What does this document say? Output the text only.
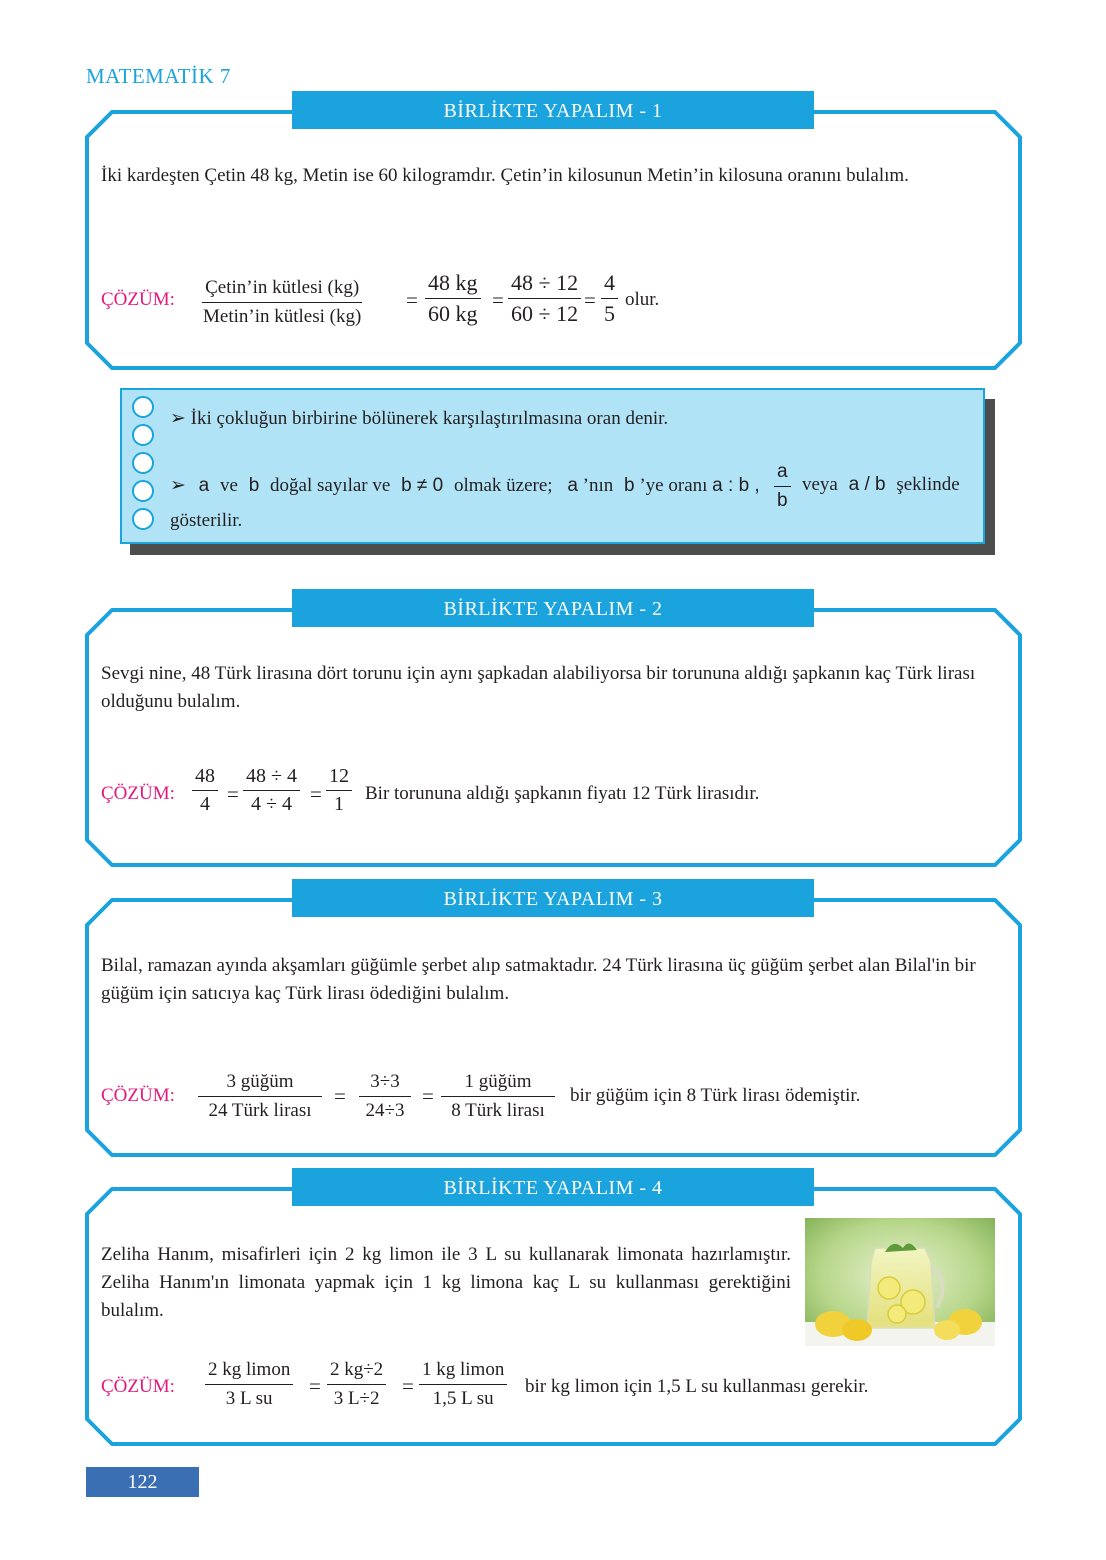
MATEMATİK 7
BİRLİKTE YAPALIM - 1
İki kardeşten Çetin 48 kg, Metin ise 60 kilogramdır. Çetin’in kilosunun Metin’in kilosuna oranını bulalım.
ÇÖZÜM:
Çetin’in kütlesi (kg)
Metin’in kütlesi (kg)
= $\frac{48 kg}{60 kg} = \frac{48 \div 12}{60 \div 12} = \frac{4}{5}$ olur.
➢ İki çokluğun birbirine bölünerek karşılaştırılmasına oran denir.
➢ a ve b doğal sayılar ve b ≠ 0 olmak üzere; a ’nın b ’ye oranı a : b , $\frac{a}{b}$ veya a / b şeklinde
gösterilir.
BİRLİKTE YAPALIM - 2
Sevgi nine, 48 Türk lirasına dört torunu için aynı şapkadan alabiliyorsa bir torununa aldığı şapkanın kaç Türk lirası olduğunu bulalım.
ÇÖZÜM: $\frac{48}{4} = \frac{48 \div 4}{4 \div 4} = \frac{12}{1}$ Bir torununa aldığı şapkanın fiyatı 12 Türk lirasıdır.
BİRLİKTE YAPALIM - 3
Bilal, ramazan ayında akşamları güğümle şerbet alıp satmaktadır. 24 Türk lirasına üç güğüm şerbet alan Bilal'in bir güğüm için satıcıya kaç Türk lirası ödediğini bulalım.
ÇÖZÜM:
3 güğüm
24 Türk lirası
= $\frac{3\div 3}{24\div 3}$ =
1 güğüm
8 Türk lirası
bir güğüm için 8 Türk lirası ödemiştir.
BİRLİKTE YAPALIM - 4
Zeliha Hanım, misafirleri için 2 kg limon ile 3 L su kullanarak limonata hazırlamıştır. Zeliha Hanım'ın limonata yapmak için 1 kg limona kaç L su kullanması gerektiğini bulalım.
ÇÖZÜM: $\frac{\text{2 kg limon}}{\text{3 L su}} = \frac{2 kg\div 2}{3 L\div 2} = \frac{\text{1 kg limon}}{\text{1,5 L su}}$ bir kg limon için 1,5 L su kullanması gerekir.
122
